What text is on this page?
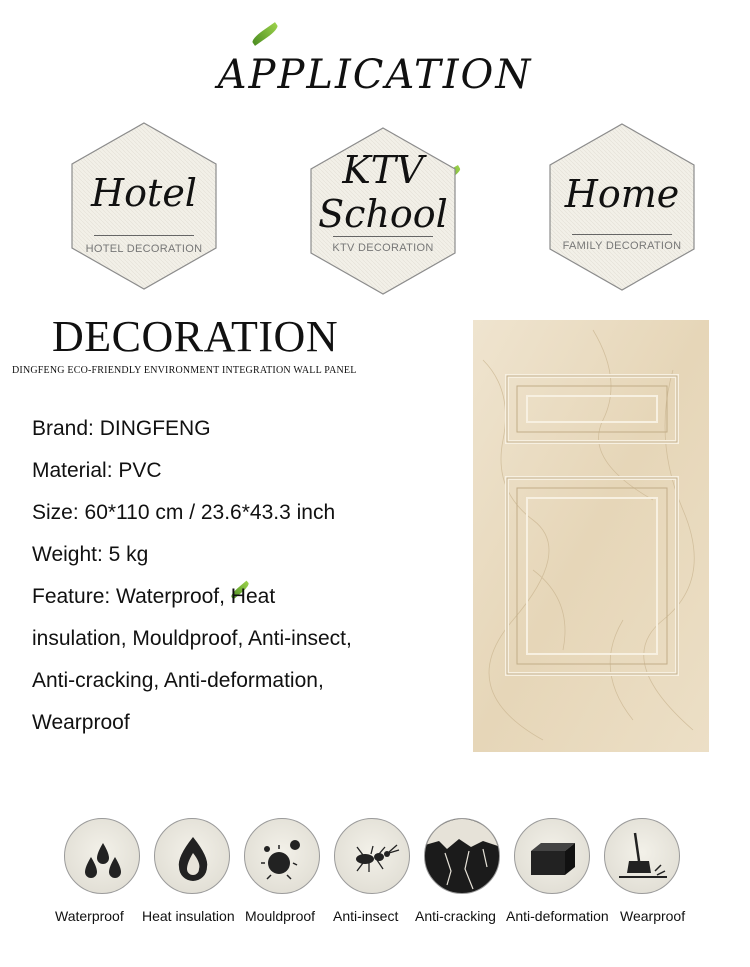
APPLICATION
Hotel
HOTEL DECORATION
KTV
School
KTV DECORATION
Home
FAMILY DECORATION
DECORATION
DINGFENG ECO-FRIENDLY ENVIRONMENT INTEGRATION WALL PANEL
Brand: DINGFENG
Material: PVC
Size: 60*110 cm / 23.6*43.3 inch
Weight: 5 kg
Feature: Waterproof, Heat
insulation, Mouldproof, Anti-insect,
Anti-cracking, Anti-deformation,
Wearproof
Waterproof Heat insulation Mouldproof Anti-insect Anti-cracking Anti-deformation Wearproof
